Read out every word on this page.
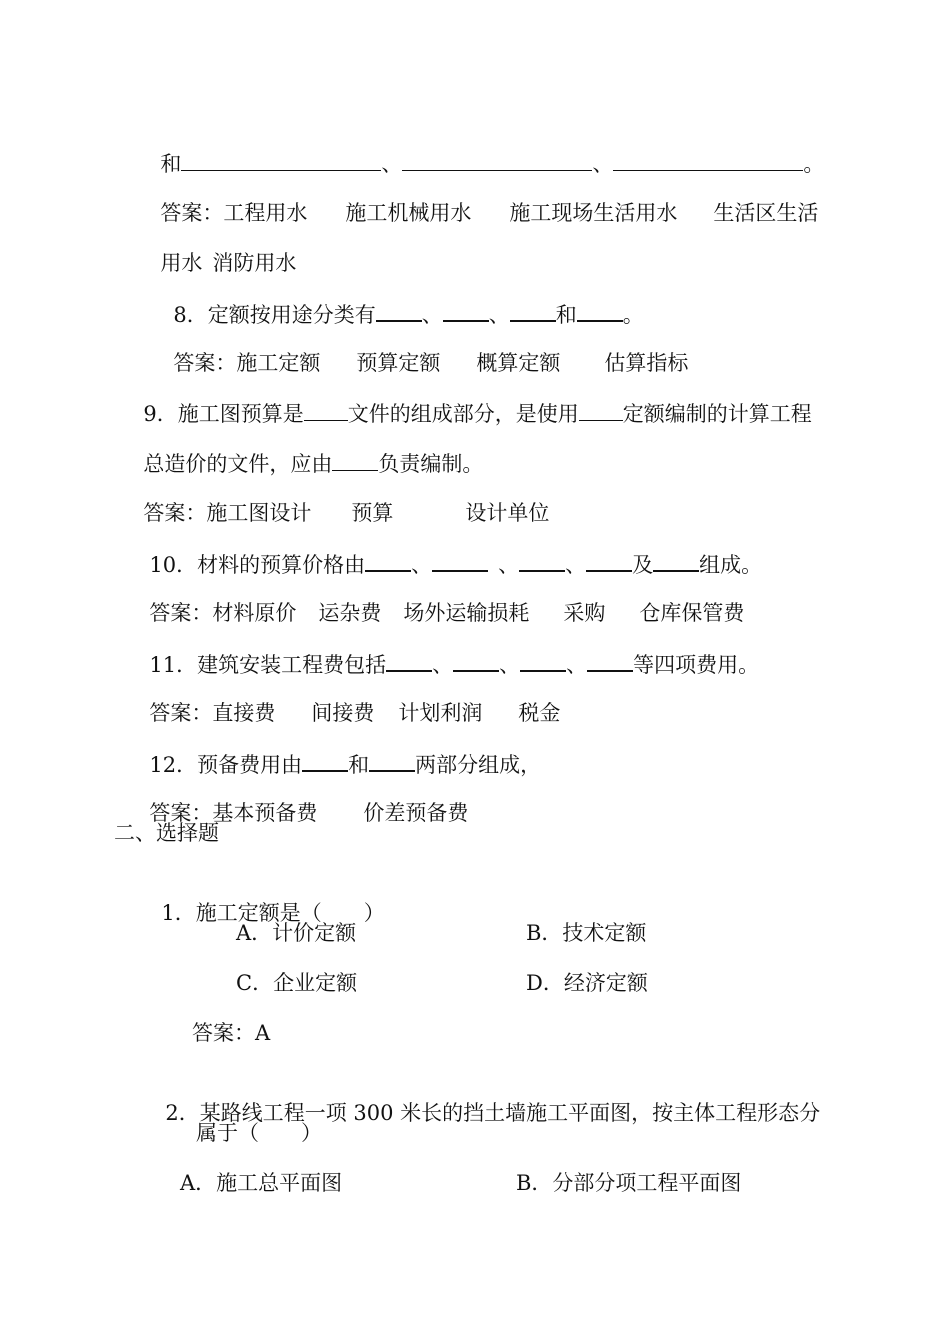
和	、	、	。

答案：工程用水 施工机械用水 施工现场生活用水 生活区生活

用水 消防用水

8．定额按用途分类有 、 、 和 。

答案：施工定额 预算定额 概算定额 估算指标

9．施工图预算是 文件的组成部分，是使用 定额编制的计算工程

总造价的文件，应由 负责编制。

答案：施工图设计 预算	设计单位

10．材料的预算价格由 、	、 、 及 组成。

答案：材料原价 运杂费 场外运输损耗 采购 仓库保管费

11．建筑安装工程费包括 、 、 、 等四项费用。

答案：直接费 间接费 计划利润 税金

12．预备费用由 和 两部分组成，

答案：基本预备费 价差预备费

二、选择题

1．施工定额是（　　）

A．计价定额	B．技术定额
C．企业定额	D．经济定额
答案：A

2．某路线工程一项 300 米长的挡土墙施工平面图，按主体工程形态分

属于（　　）
A．施工总平面图	B．分部分项工程平面图
